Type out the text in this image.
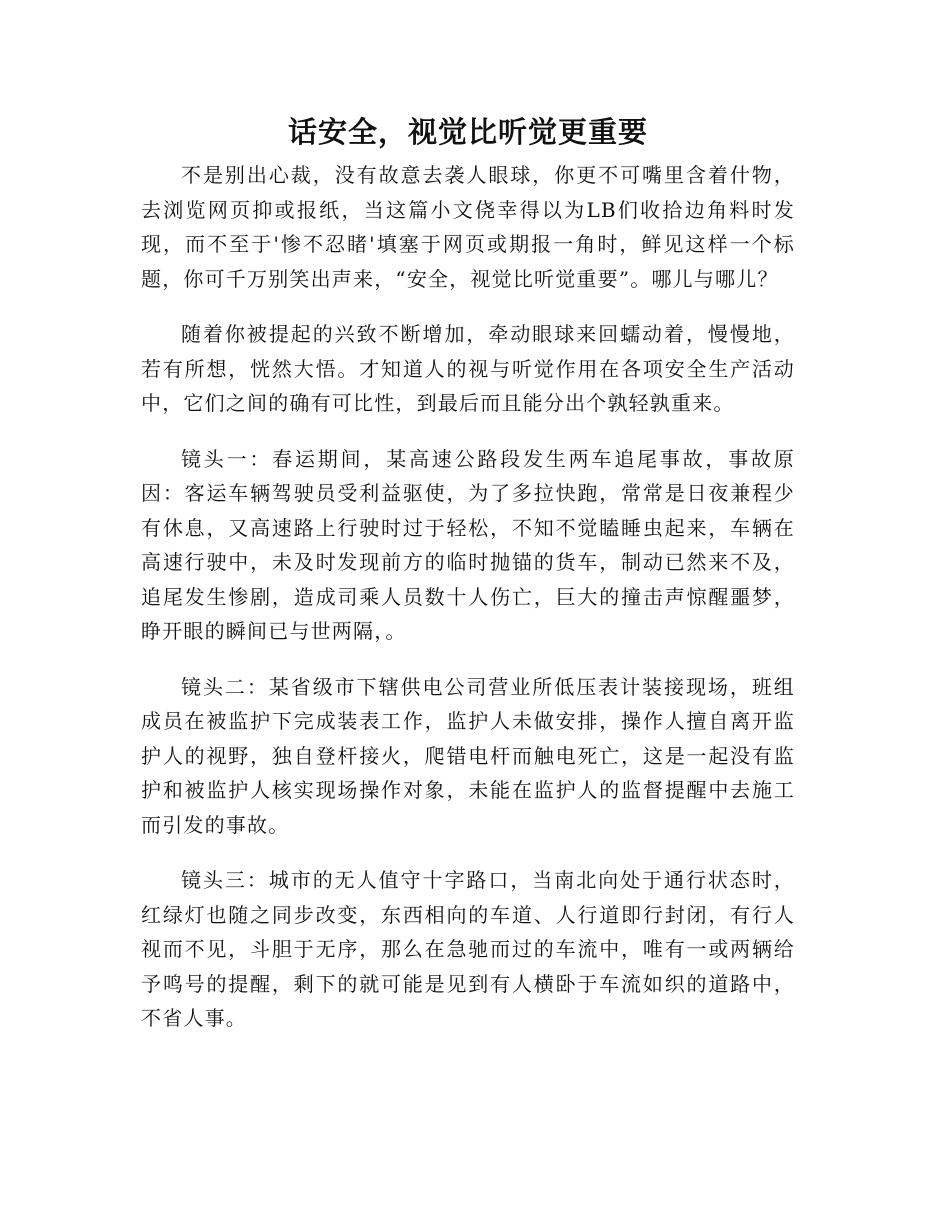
话安全，视觉比听觉更重要

不是别出心裁，没有故意去袭人眼球，你更不可嘴里含着什物，去浏览网页抑或报纸，当这篇小文侥幸得以为LB们收拾边角料时发现，而不至于'惨不忍睹'填塞于网页或期报一角时，鲜见这样一个标题，你可千万别笑出声来，“安全，视觉比听觉重要”。哪儿与哪儿？

随着你被提起的兴致不断增加，牵动眼球来回蠕动着，慢慢地，若有所想，恍然大悟。才知道人的视与听觉作用在各项安全生产活动中，它们之间的确有可比性，到最后而且能分出个孰轻孰重来。

镜头一：春运期间，某高速公路段发生两车追尾事故，事故原因：客运车辆驾驶员受利益驱使，为了多拉快跑，常常是日夜兼程少有休息，又高速路上行驶时过于轻松，不知不觉瞌睡虫起来，车辆在高速行驶中，未及时发现前方的临时抛锚的货车，制动已然来不及，追尾发生惨剧，造成司乘人员数十人伤亡，巨大的撞击声惊醒噩梦，睁开眼的瞬间已与世两隔，。

镜头二：某省级市下辖供电公司营业所低压表计装接现场，班组成员在被监护下完成装表工作，监护人未做安排，操作人擅自离开监护人的视野，独自登杆接火，爬错电杆而触电死亡，这是一起没有监护和被监护人核实现场操作对象，未能在监护人的监督提醒中去施工而引发的事故。

镜头三：城市的无人值守十字路口，当南北向处于通行状态时，红绿灯也随之同步改变，东西相向的车道、人行道即行封闭，有行人视而不见，斗胆于无序，那么在急驰而过的车流中，唯有一或两辆给予鸣号的提醒，剩下的就可能是见到有人横卧于车流如织的道路中，不省人事。
